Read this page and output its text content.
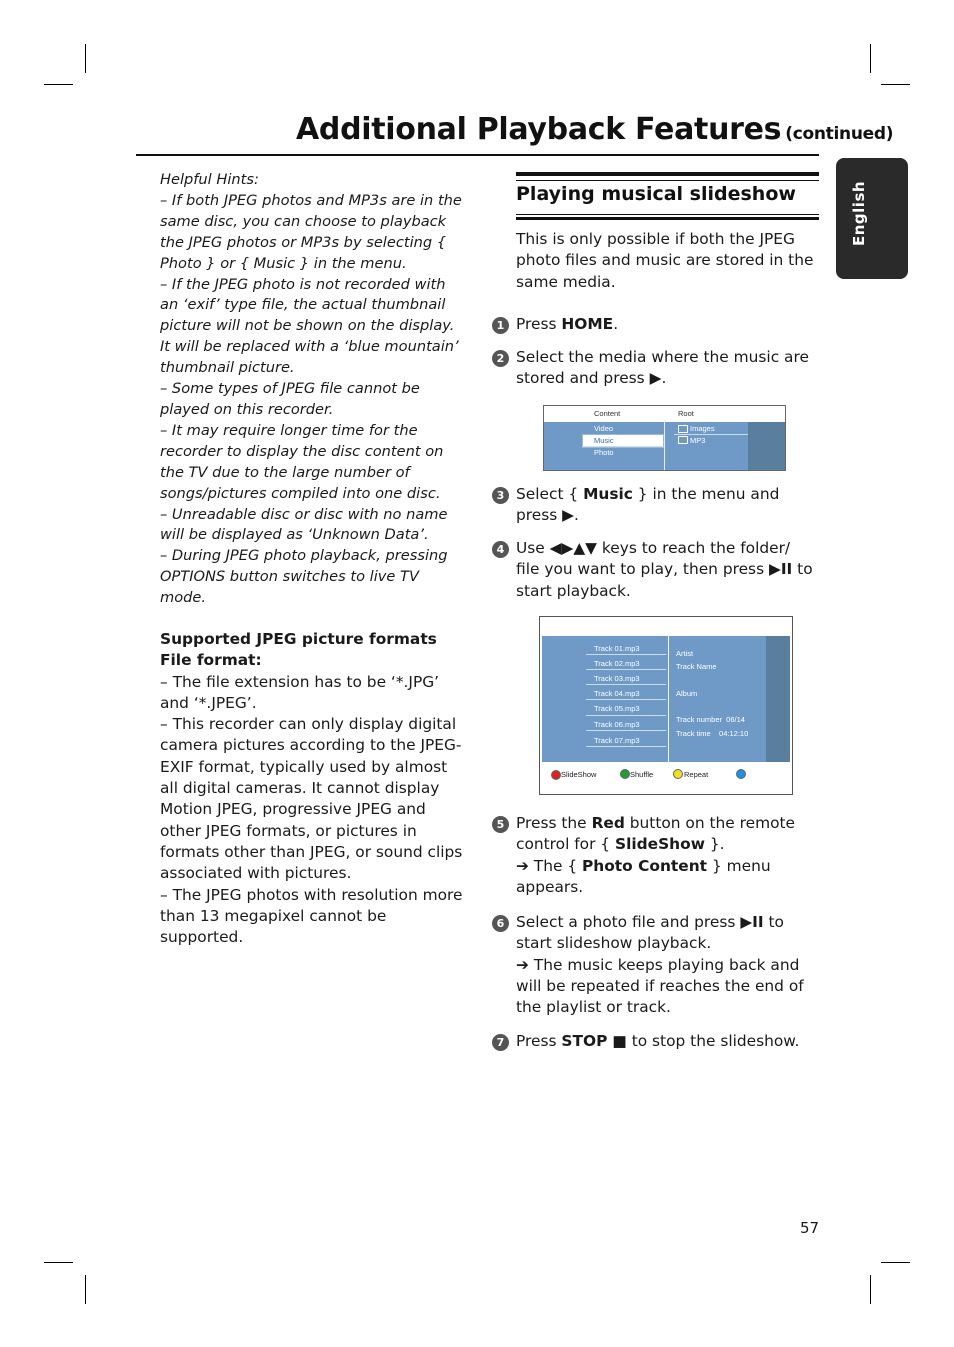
Additional Playback Features (continued)
English

Helpful Hints:

– If both JPEG photos and MP3s are in the same disc, you can choose to playback the JPEG photos or MP3s by selecting { Photo } or { Music } in the menu.

– If the JPEG photo is not recorded with an ‘exif’ type file, the actual thumbnail picture will not be shown on the display. It will be replaced with a ‘blue mountain’ thumbnail picture.

– Some types of JPEG file cannot be played on this recorder.

– It may require longer time for the recorder to display the disc content on the TV due to the large number of songs/pictures compiled into one disc.

– Unreadable disc or disc with no name will be displayed as ‘Unknown Data’.

– During JPEG photo playback, pressing OPTIONS button switches to live TV mode.

Supported JPEG picture formats

File format:

– The file extension has to be ‘*.JPG’ and ‘*.JPEG’.

– This recorder can only display digital camera pictures according to the JPEG-EXIF format, typically used by almost all digital cameras. It cannot display Motion JPEG, progressive JPEG and other JPEG formats, or pictures in formats other than JPEG, or sound clips associated with pictures.

– The JPEG photos with resolution more than 13 megapixel cannot be supported.

Playing musical slideshow

This is only possible if both the JPEG photo files and music are stored in the same media.

1 Press HOME.

2 Select the media where the music are stored and press ▶.

Content	Root
Video
Music
Photo
Images
MP3
3 Select { Music } in the menu and press ▶.

4 Use ◀▶▲▼ keys to reach the folder/ file you want to play, then press ▶II to start playback.

Track 01.mp3
Track 02.mp3
Track 03.mp3
Track 04.mp3
Track 05.mp3
Track 06.mp3
Track 07.mp3
Artist
Track Name
Album
Track number  06/14
Track time    04:12:10
SlideShow	Shuffle	Repeat
5 Press the Red button on the remote control for { SlideShow }.

➔ The { Photo Content } menu appears.

6 Select a photo file and press ▶II to start slideshow playback.

➔ The music keeps playing back and will be repeated if reaches the end of the playlist or track.

7 Press STOP ■ to stop the slideshow.

57
